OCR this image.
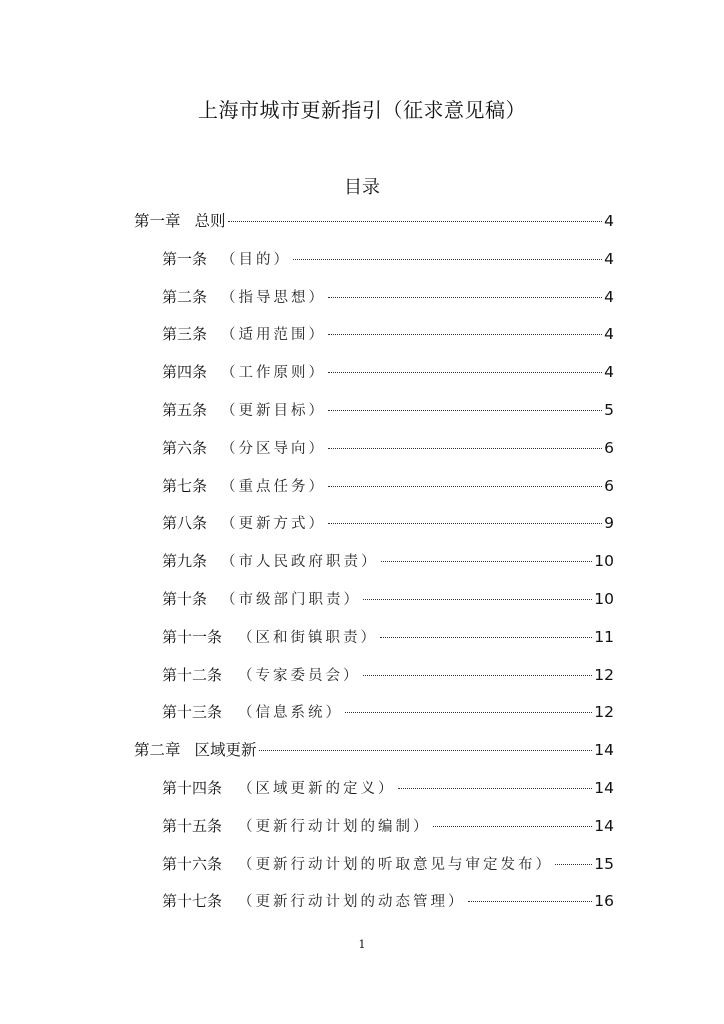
上海市城市更新指引（征求意见稿）
目录
第一章 总则	4
第一条 （目的）	4
第二条 （指导思想）	4
第三条 （适用范围）	4
第四条 （工作原则）	4
第五条 （更新目标）	5
第六条 （分区导向）	6
第七条 （重点任务）	6
第八条 （更新方式）	9
第九条 （市人民政府职责）	10
第十条 （市级部门职责）	10
第十一条 （区和街镇职责）	11
第十二条 （专家委员会）	12
第十三条 （信息系统）	12
第二章 区域更新	14
第十四条 （区域更新的定义）	14
第十五条 （更新行动计划的编制）	14
第十六条 （更新行动计划的听取意见与审定发布）	15
第十七条 （更新行动计划的动态管理）	16
1
